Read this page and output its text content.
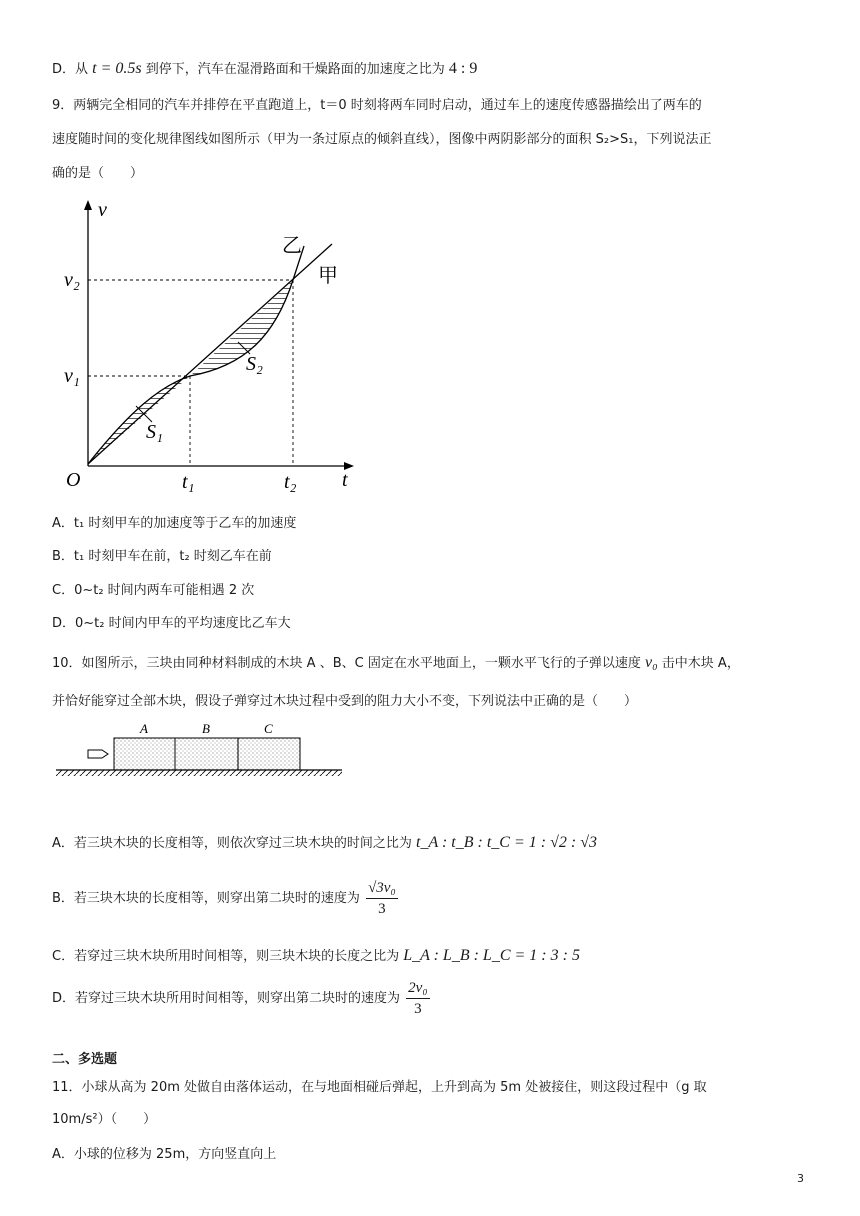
D．从 t = 0.5s 到停下，汽车在湿滑路面和干燥路面的加速度之比为 4 : 9
9．两辆完全相同的汽车并排停在平直跑道上，t＝0 时刻将两车同时启动，通过车上的速度传感器描绘出了两车的
速度随时间的变化规律图线如图所示（甲为一条过原点的倾斜直线），图像中两阴影部分的面积 S₂>S₁，下列说法正
确的是（　　）
v
t
O
v₂
v₁
t₁	t₂
乙
甲
S₁
S₂
A．t₁ 时刻甲车的加速度等于乙车的加速度
B．t₁ 时刻甲车在前，t₂ 时刻乙车在前
C．0~t₂ 时间内两车可能相遇 2 次
D．0~t₂ 时间内甲车的平均速度比乙车大
10．如图所示，三块由同种材料制成的木块 A 、B、C 固定在水平地面上，一颗水平飞行的子弹以速度 v₀ 击中木块 A，
并恰好能穿过全部木块，假设子弹穿过木块过程中受到的阻力大小不变，下列说法中正确的是（　　）
A	B	C
A．若三块木块的长度相等，则依次穿过三块木块的时间之比为 t_A : t_B : t_C = 1 : √2 : √3
B．若三块木块的长度相等，则穿出第二块时的速度为 $\frac{\text{√3v₀}}{3}$
C．若穿过三块木块所用时间相等，则三块木块的长度之比为 L_A : L_B : L_C = 1 : 3 : 5
D．若穿过三块木块所用时间相等，则穿出第二块时的速度为 $\frac{\text{2v₀}}{3}$
二、多选题
11．小球从高为 20m 处做自由落体运动，在与地面相碰后弹起，上升到高为 5m 处被接住，则这段过程中（g 取
10m/s²）（　　）
A．小球的位移为 25m，方向竖直向上
3
